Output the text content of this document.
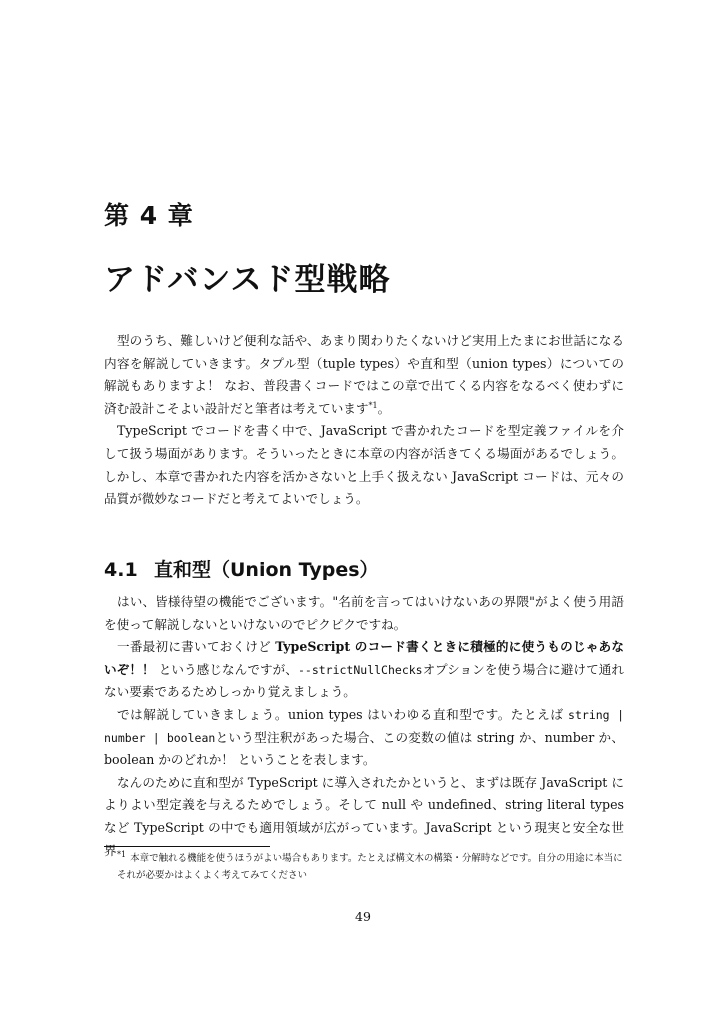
第 4 章
アドバンスド型戦略

型のうち、難しいけど便利な話や、あまり関わりたくないけど実用上たまにお世話になる内容を解説していきます。タプル型（tuple types）や直和型（union types）についての解説もありますよ！ なお、普段書くコードではこの章で出てくる内容をなるべく使わずに済む設計こそよい設計だと筆者は考えています$^{*1}$。

TypeScript でコードを書く中で、JavaScript で書かれたコードを型定義ファイルを介して扱う場面があります。そういったときに本章の内容が活きてくる場面があるでしょう。しかし、本章で書かれた内容を活かさないと上手く扱えない JavaScript コードは、元々の品質が微妙なコードだと考えてよいでしょう。

4.1 直和型（Union Types）

はい、皆様待望の機能でございます。"名前を言ってはいけないあの界隈"がよく使う用語を使って解説しないといけないのでピクピクですね。

一番最初に書いておくけど TypeScript のコード書くときに積極的に使うものじゃあないぞ！！ という感じなんですが、--strictNullChecksオプションを使う場合に避けて通れない要素であるためしっかり覚えましょう。

では解説していきましょう。union types はいわゆる直和型です。たとえば string | number | booleanという型注釈があった場合、この変数の値は string か、number か、boolean かのどれか！ ということを表します。

なんのために直和型が TypeScript に導入されたかというと、まずは既存 JavaScript によりよい型定義を与えるためでしょう。そして null や undefined、string literal types など TypeScript の中でも適用領域が広がっています。JavaScript という現実と安全な世界 $^{*1}$ 本章で触れる機能を使うほうがよい場合もあります。たとえば構文木の構築・分解時などです。自分の用途に本当にそれが必要かはよくよく考えてみてください

49
